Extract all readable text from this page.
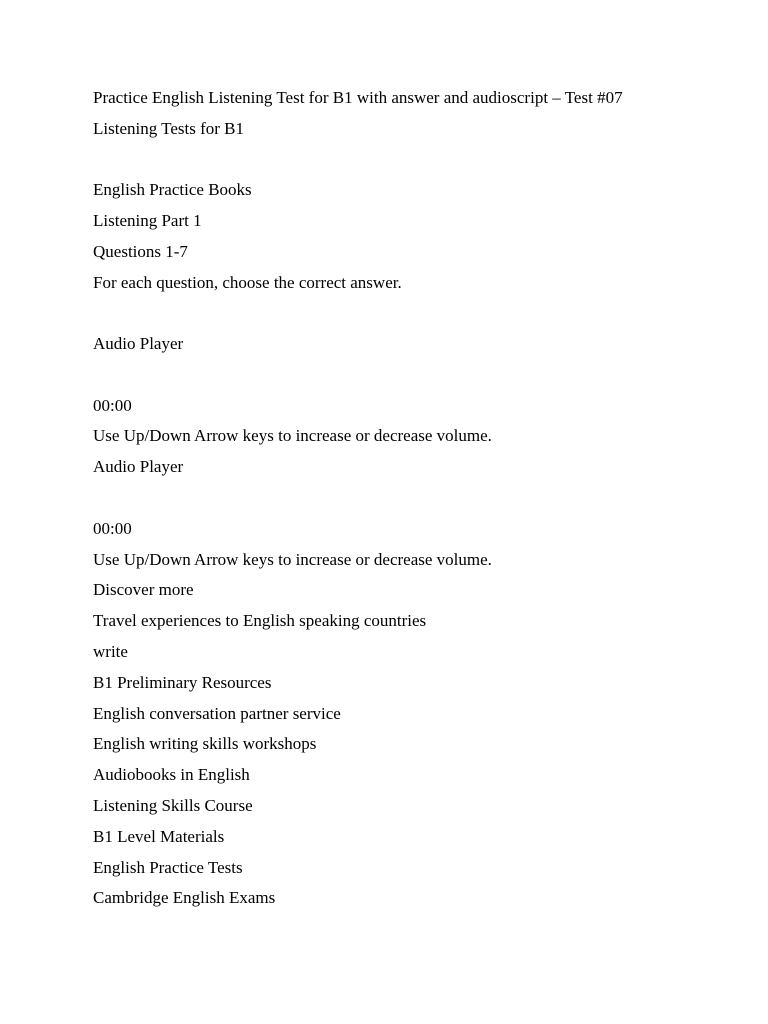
Practice English Listening Test for B1 with answer and audioscript – Test #07

Listening Tests for B1

English Practice Books

Listening Part 1

Questions 1-7

For each question, choose the correct answer.

Audio Player

00:00

Use Up/Down Arrow keys to increase or decrease volume.

Audio Player

00:00

Use Up/Down Arrow keys to increase or decrease volume.

Discover more

Travel experiences to English speaking countries

write

B1 Preliminary Resources

English conversation partner service

English writing skills workshops

Audiobooks in English

Listening Skills Course

B1 Level Materials

English Practice Tests

Cambridge English Exams
